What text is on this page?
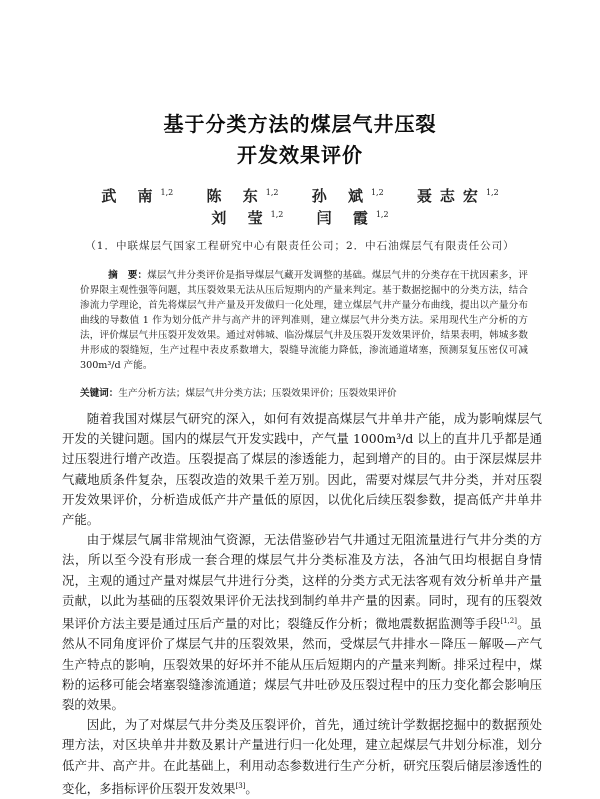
基于分类方法的煤层气井压裂
开发效果评价
武 南$^{1,2}$ 陈 东$^{1,2}$ 孙 斌$^{1,2}$ 聂志宏$^{1,2}$
刘 莹$^{1,2}$ 闫 霞$^{1,2}$
（1．中联煤层气国家工程研究中心有限责任公司；2．中石油煤层气有限责任公司）
摘　要：煤层气井分类评价是指导煤层气藏开发调整的基础。煤层气井的分类存在干扰因素多，评价界限主观性强等问题，其压裂效果无法从压后短期内的产量来判定。基于数据挖掘中的分类方法，结合渗流力学理论，首先将煤层气井产量及开发做归一化处理，建立煤层气井产量分布曲线，提出以产量分布曲线的导数值 1 作为划分低产井与高产井的评判准则，建立煤层气井分类方法。采用现代生产分析的方法，评价煤层气井压裂开发效果。通过对韩城、临汾煤层气井及压裂开发效果评价，结果表明，韩城多数井形成的裂缝短，生产过程中表皮系数增大，裂缝导流能力降低，渗流通道堵塞，预测泵复压密仅可减 300m³/d 产能。
关键词：生产分析方法；煤层气井分类方法；压裂效果评价；压裂效果评价

随着我国对煤层气研究的深入，如何有效提高煤层气井单井产能，成为影响煤层气开发的关键问题。国内的煤层气开发实践中，产气量 1000m³/d 以上的直井几乎都是通过压裂进行增产改造。压裂提高了煤层的渗透能力，起到增产的目的。由于深层煤层井气藏地质条件复杂，压裂改造的效果千差万别。因此，需要对煤层气井分类，并对压裂开发效果评价，分析造成低产井产量低的原因，以优化后续压裂参数，提高低产井单井产能。

由于煤层气属非常规油气资源，无法借鉴砂岩气井通过无阻流量进行气井分类的方法，所以至今没有形成一套合理的煤层气井分类标准及方法，各油气田均根据自身情况，主观的通过产量对煤层气井进行分类，这样的分类方式无法客观有效分析单井产量贡献，以此为基础的压裂效果评价无法找到制约单井产量的因素。同时，现有的压裂效果评价方法主要是通过压后产量的对比；裂缝反作分析；微地震数据监测等手段[1,2]。虽然从不同角度评价了煤层气井的压裂效果，然而，受煤层气井排水－降压－解吸—产气生产特点的影响，压裂效果的好坏并不能从压后短期内的产量来判断。排采过程中，煤粉的运移可能会堵塞裂缝渗流通道；煤层气井吐砂及压裂过程中的压力变化都会影响压裂的效果。

因此，为了对煤层气井分类及压裂评价，首先，通过统计学数据挖掘中的数据预处理方法，对区块单井井数及累计产量进行归一化处理，建立起煤层气井划分标准，划分低产井、高产井。在此基础上，利用动态参数进行生产分析，研究压裂后储层渗透性的变化，多指标评价压裂开发效果[3]。
